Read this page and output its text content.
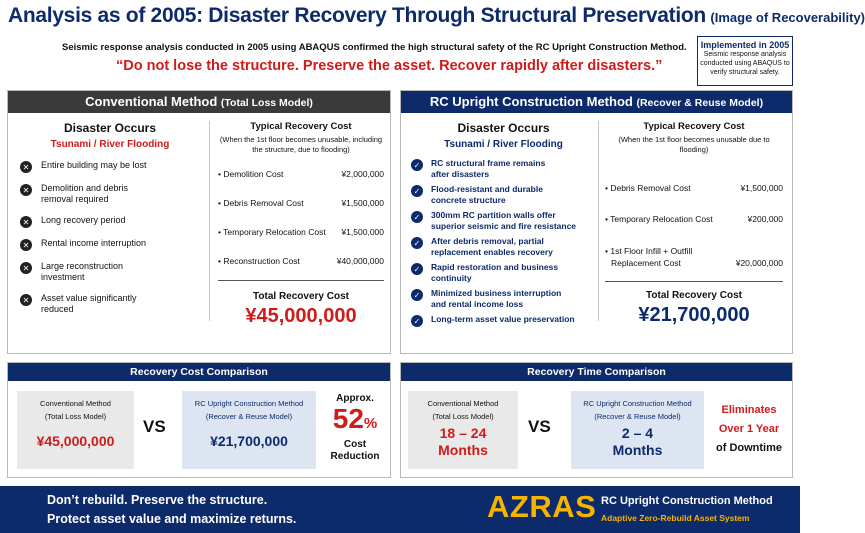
Analysis as of 2005: Disaster Recovery Through Structural Preservation (Image of Recoverability)
Seismic response analysis conducted in 2005 using ABAQUS confirmed the high structural safety of the RC Upright Construction Method.
“Do not lose the structure. Preserve the asset. Recover rapidly after disasters.”
Implemented in 2005
Seismic response analysis conducted using ABAQUS to verify structural safety.
Conventional Method (Total Loss Model)
Disaster Occurs
Tsunami / River Flooding
✕ Entire building may be lost
✕ Demolition and debris removal required
✕ Long recovery period
✕ Rental income interruption
✕ Large reconstruction investment
✕ Asset value significantly reduced
Typical Recovery Cost
(When the 1st floor becomes unusable, including the structure, due to flooding)
• Demolition Cost	¥2,000,000
• Debris Removal Cost	¥1,500,000
• Temporary Relocation Cost ¥1,500,000
• Reconstruction Cost	¥40,000,000
Total Recovery Cost
¥45,000,000
RC Upright Construction Method (Recover & Reuse Model)
Disaster Occurs
Tsunami / River Flooding
✓	RC structural frame remains after disasters
✓	Flood-resistant and durable concrete structure
✓	300mm RC partition walls offer superior seismic and fire resistance
✓	After debris removal, partial replacement enables recovery
✓	Rapid restoration and business continuity
✓	Minimized business interruption and rental income loss
✓	Long-term asset value preservation
Typical Recovery Cost
(When the 1st floor becomes unusable due to flooding)
• Debris Removal Cost	¥1,500,000
• Temporary Relocation Cost	¥200,000
• 1st Floor Infill + Outfill
Replacement Cost	¥20,000,000
Total Recovery Cost
¥21,700,000
Recovery Cost Comparison
Conventional Method
(Total Loss Model)
¥45,000,000
VS
RC Upright Construction Method
(Recover & Reuse Model)
¥21,700,000
Approx.
52%
Cost
Reduction
Recovery Time Comparison
Conventional Method
(Total Loss Model)
18 – 24
Months
VS
RC Upright Construction Method
(Recover & Reuse Model)
2 – 4
Months
Eliminates
Over 1 Year
of Downtime
Don’t rebuild. Preserve the structure.
Protect asset value and maximize returns.	AZRAS RC Upright Construction Method
Adaptive Zero-Rebuild Asset System
